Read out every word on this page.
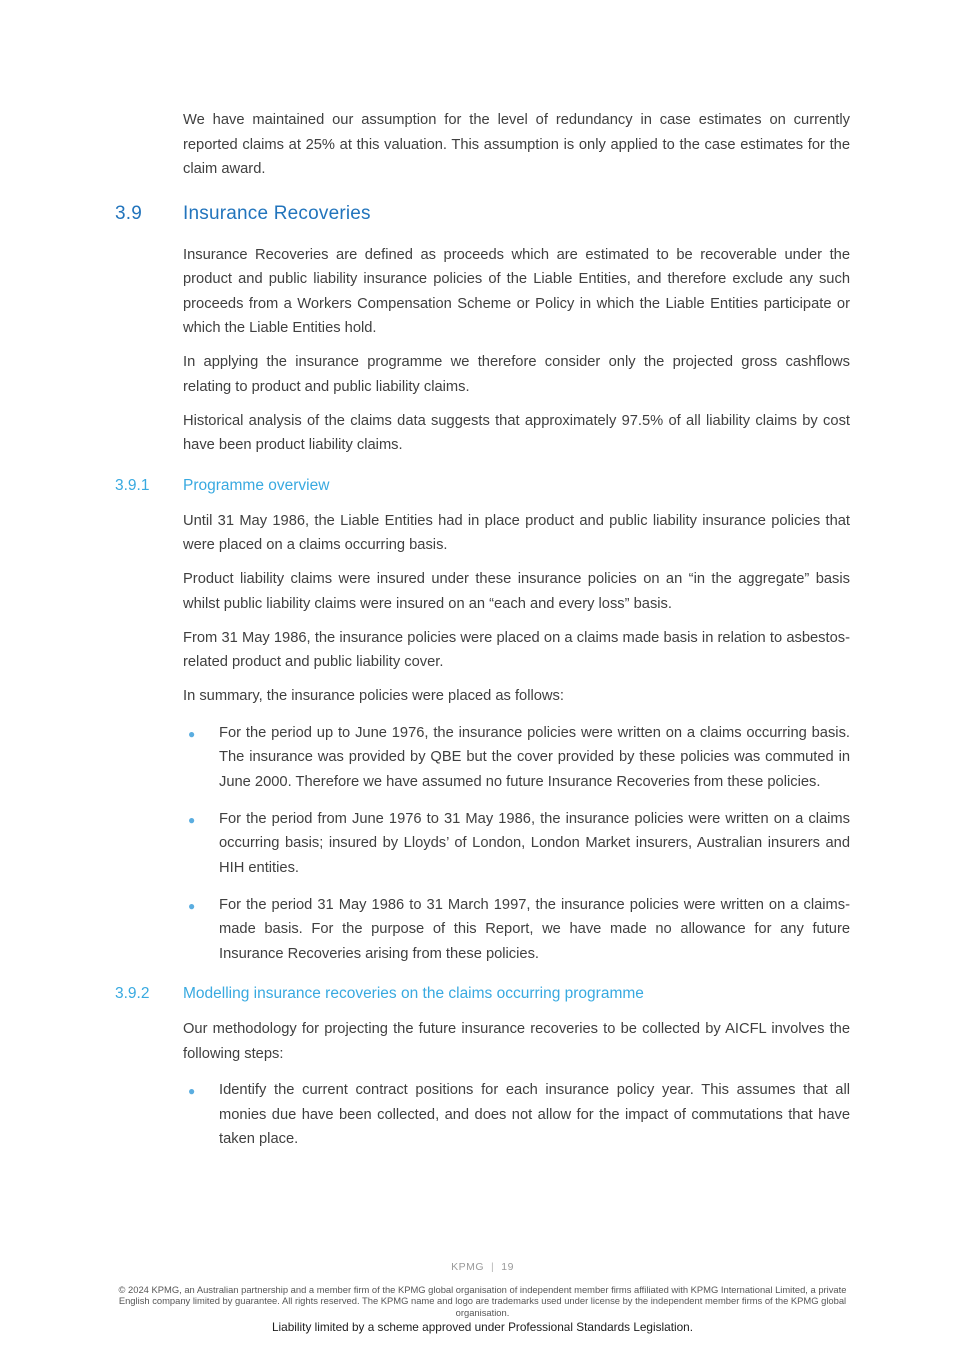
We have maintained our assumption for the level of redundancy in case estimates on currently reported claims at 25% at this valuation. This assumption is only applied to the case estimates for the claim award.

3.9	Insurance Recoveries

Insurance Recoveries are defined as proceeds which are estimated to be recoverable under the product and public liability insurance policies of the Liable Entities, and therefore exclude any such proceeds from a Workers Compensation Scheme or Policy in which the Liable Entities participate or which the Liable Entities hold.

In applying the insurance programme we therefore consider only the projected gross cashflows relating to product and public liability claims.

Historical analysis of the claims data suggests that approximately 97.5% of all liability claims by cost have been product liability claims.

3.9.1	Programme overview

Until 31 May 1986, the Liable Entities had in place product and public liability insurance policies that were placed on a claims occurring basis.

Product liability claims were insured under these insurance policies on an “in the aggregate” basis whilst public liability claims were insured on an “each and every loss” basis.

From 31 May 1986, the insurance policies were placed on a claims made basis in relation to asbestos-related product and public liability cover.

In summary, the insurance policies were placed as follows:

● For the period up to June 1976, the insurance policies were written on a claims occurring basis. The insurance was provided by QBE but the cover provided by these policies was commuted in June 2000. Therefore we have assumed no future Insurance Recoveries from these policies.
● For the period from June 1976 to 31 May 1986, the insurance policies were written on a claims occurring basis; insured by Lloyds’ of London, London Market insurers, Australian insurers and HIH entities.
● For the period 31 May 1986 to 31 March 1997, the insurance policies were written on a claims-made basis. For the purpose of this Report, we have made no allowance for any future Insurance Recoveries arising from these policies.
3.9.2	Modelling insurance recoveries on the claims occurring programme

Our methodology for projecting the future insurance recoveries to be collected by AICFL involves the following steps:

● Identify the current contract positions for each insurance policy year. This assumes that all monies due have been collected, and does not allow for the impact of commutations that have taken place.
KPMG | 19

© 2024 KPMG, an Australian partnership and a member firm of the KPMG global organisation of independent member firms affiliated with KPMG International Limited, a private English company limited by guarantee. All rights reserved. The KPMG name and logo are trademarks used under license by the independent member firms of the KPMG global organisation.

Liability limited by a scheme approved under Professional Standards Legislation.
